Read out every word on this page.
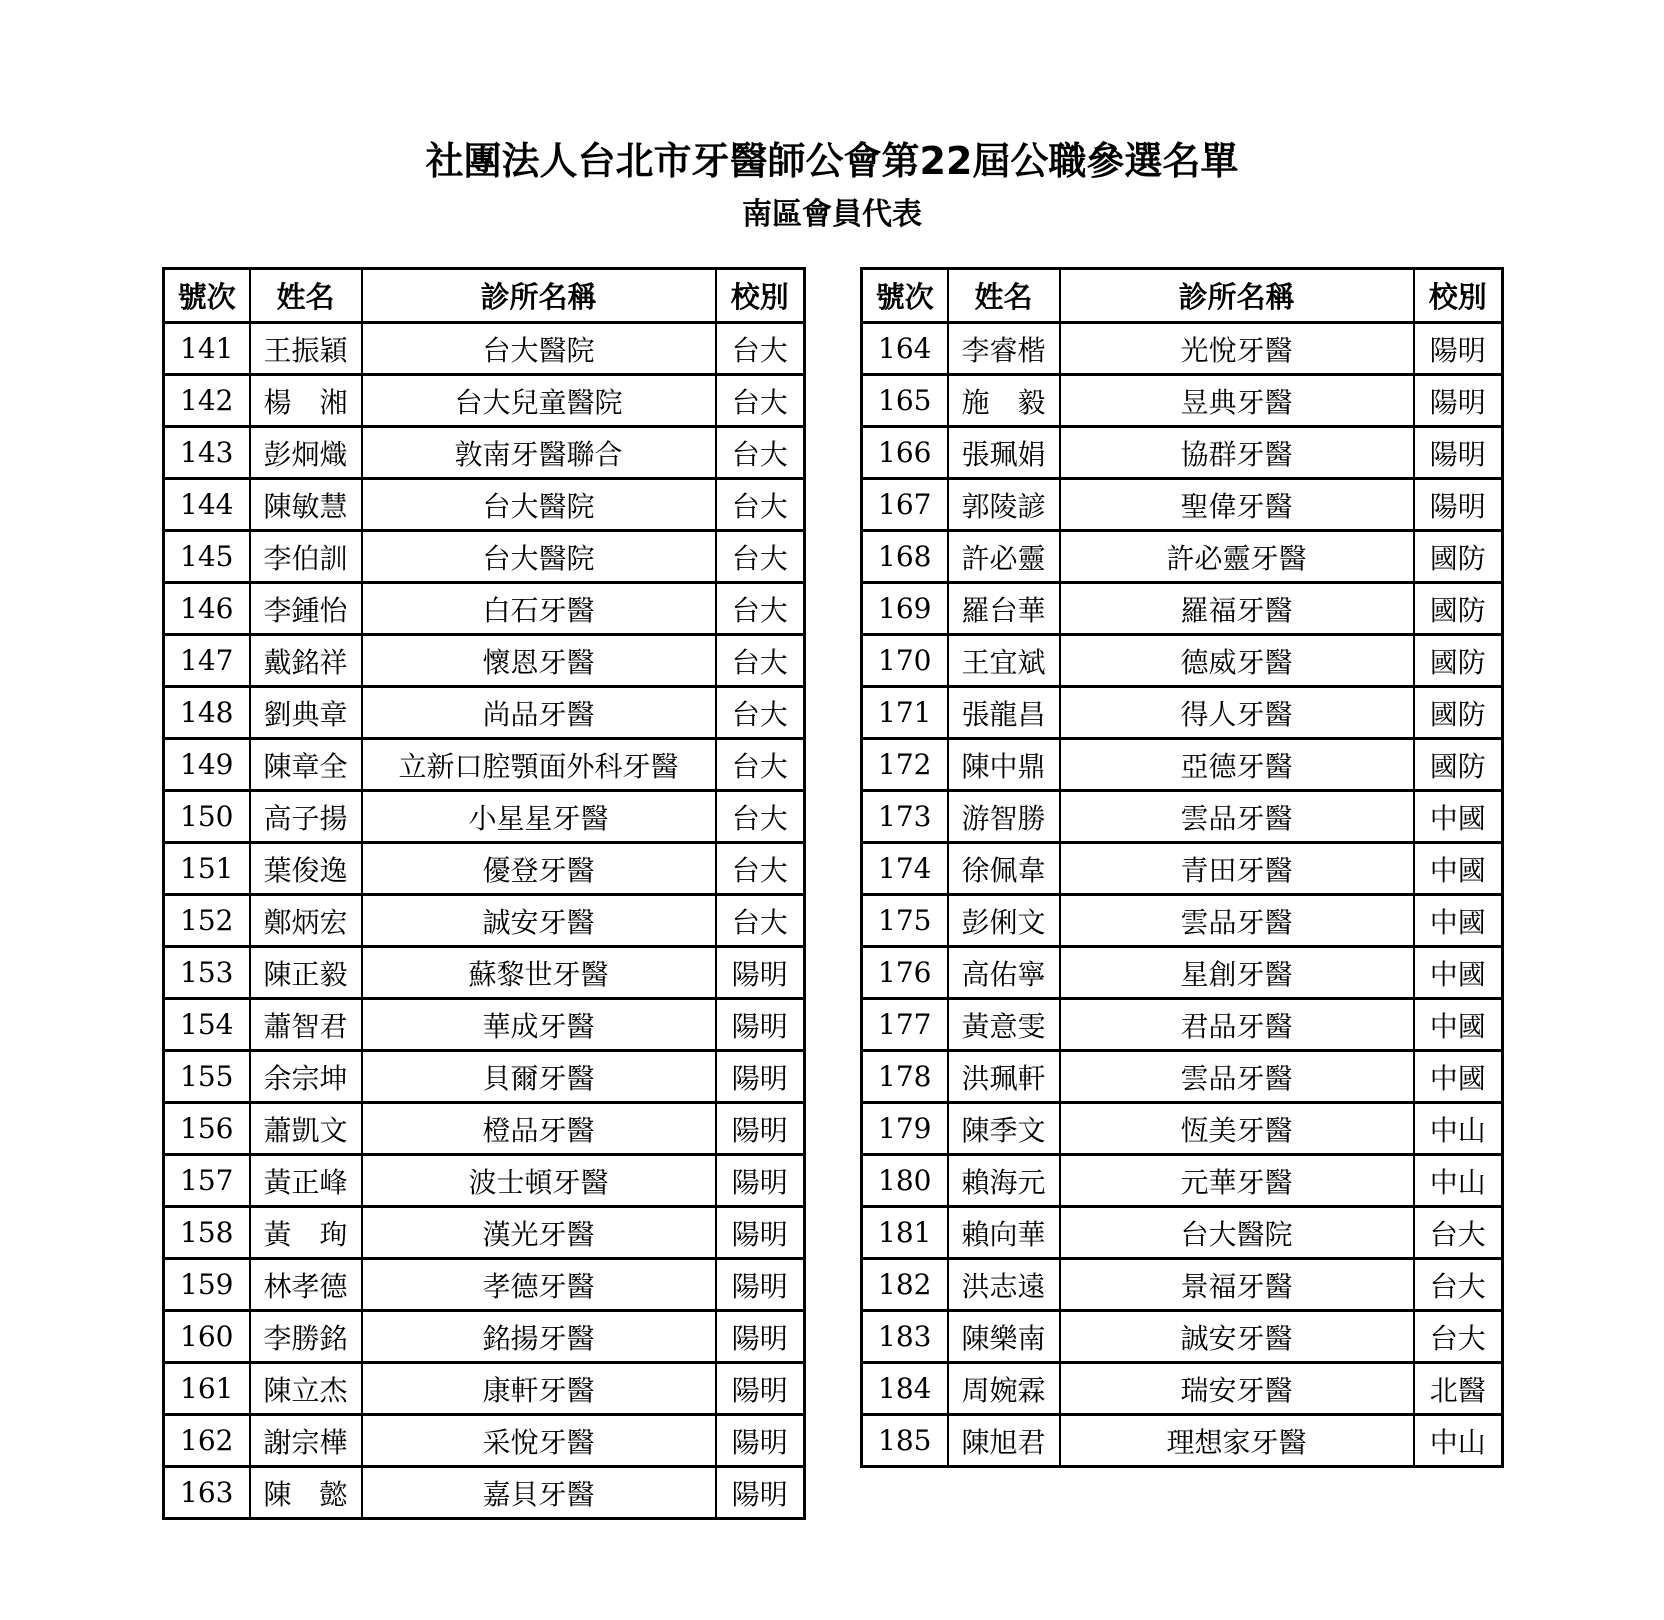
社團法人台北市牙醫師公會第22屆公職參選名單
南區會員代表
號次	姓名	診所名稱	校別
141	王振穎	台大醫院	台大
142	楊　湘	台大兒童醫院	台大
143	彭炯熾	敦南牙醫聯合	台大
144	陳敏慧	台大醫院	台大
145	李伯訓	台大醫院	台大
146	李鍾怡	白石牙醫	台大
147	戴銘祥	懷恩牙醫	台大
148	劉典章	尚品牙醫	台大
149	陳章全	立新口腔顎面外科牙醫	台大
150	高子揚	小星星牙醫	台大
151	葉俊逸	優登牙醫	台大
152	鄭炳宏	誠安牙醫	台大
153	陳正毅	蘇黎世牙醫	陽明
154	蕭智君	華成牙醫	陽明
155	余宗坤	貝爾牙醫	陽明
156	蕭凱文	橙品牙醫	陽明
157	黃正峰	波士頓牙醫	陽明
158	黃　珣	漢光牙醫	陽明
159	林孝德	孝德牙醫	陽明
160	李勝銘	銘揚牙醫	陽明
161	陳立杰	康軒牙醫	陽明
162	謝宗樺	采悅牙醫	陽明
163	陳　懿	嘉貝牙醫	陽明
號次	姓名	診所名稱	校別
164	李睿楷	光悅牙醫	陽明
165	施　毅	昱典牙醫	陽明
166	張珮娟	協群牙醫	陽明
167	郭陵諺	聖偉牙醫	陽明
168	許必靈	許必靈牙醫	國防
169	羅台華	羅福牙醫	國防
170	王宜斌	德威牙醫	國防
171	張龍昌	得人牙醫	國防
172	陳中鼎	亞德牙醫	國防
173	游智勝	雲品牙醫	中國
174	徐佩韋	青田牙醫	中國
175	彭俐文	雲品牙醫	中國
176	高佑寧	星創牙醫	中國
177	黃意雯	君品牙醫	中國
178	洪珮軒	雲品牙醫	中國
179	陳季文	恆美牙醫	中山
180	賴海元	元華牙醫	中山
181	賴向華	台大醫院	台大
182	洪志遠	景福牙醫	台大
183	陳樂南	誠安牙醫	台大
184	周婉霖	瑞安牙醫	北醫
185	陳旭君	理想家牙醫	中山
